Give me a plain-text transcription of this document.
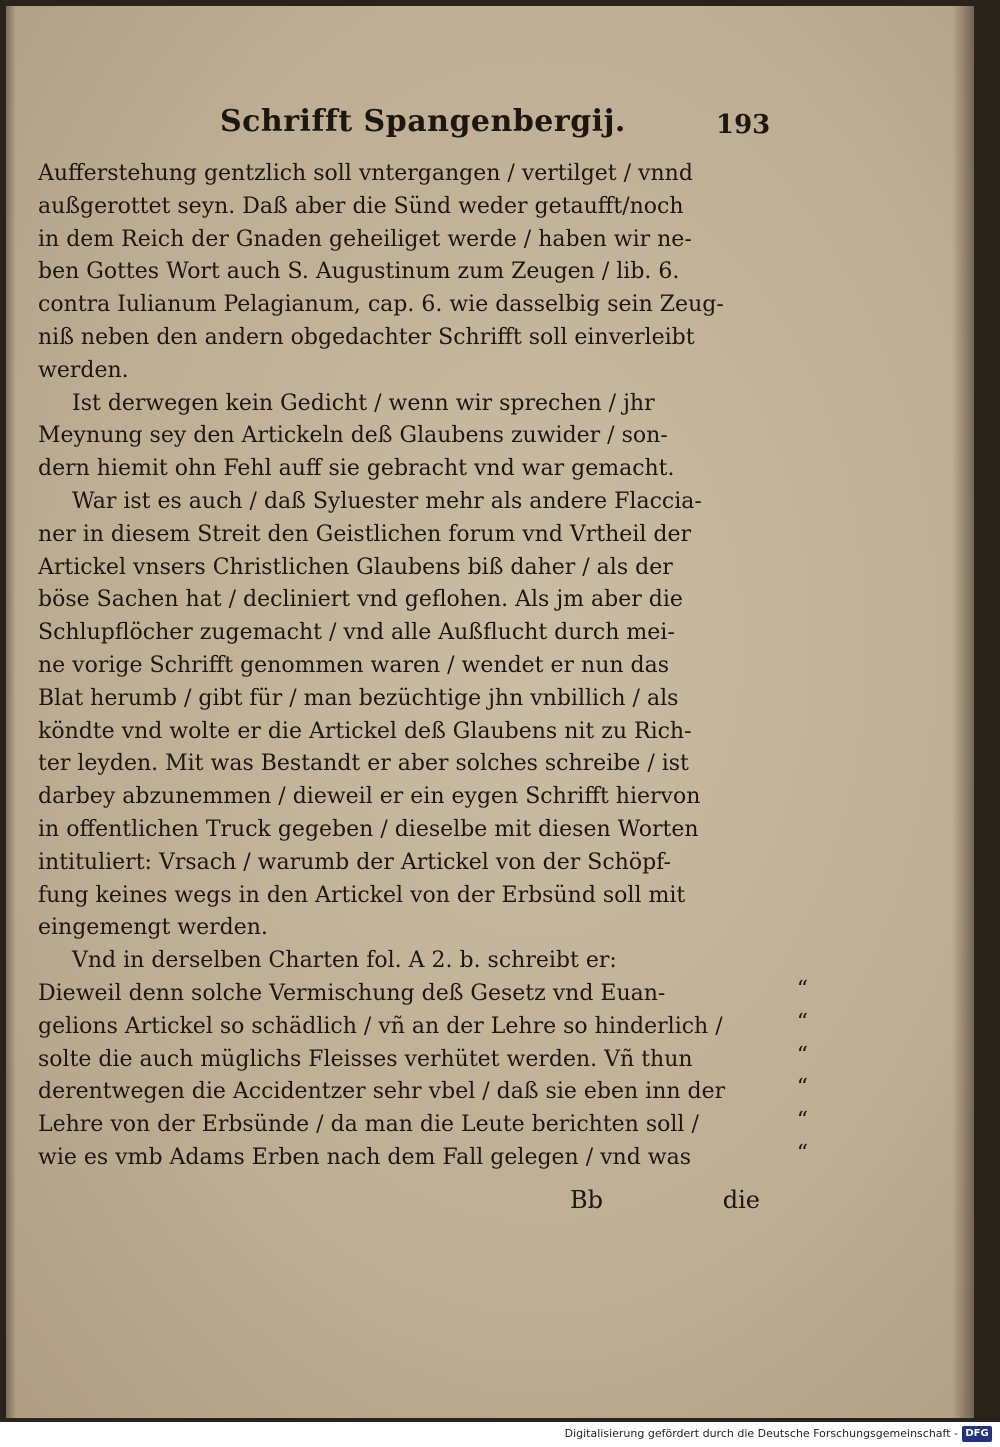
Schrifft Spangenbergij.	193
Aufferstehung gentzlich soll vntergangen / vertilget / vnnd
außgerottet seyn. Daß aber die Sünd weder getaufft/noch
in dem Reich der Gnaden geheiliget werde / haben wir ne-
ben Gottes Wort auch S. Augustinum zum Zeugen / lib. 6.
contra Iulianum Pelagianum, cap. 6. wie dasselbig sein Zeug-
niß neben den andern obgedachter Schrifft soll einverleibt
werden.
Ist derwegen kein Gedicht / wenn wir sprechen / jhr
Meynung sey den Artickeln deß Glaubens zuwider / son-
dern hiemit ohn Fehl auff sie gebracht vnd war gemacht.
War ist es auch / daß Syluester mehr als andere Flaccia-
ner in diesem Streit den Geistlichen forum vnd Vrtheil der
Artickel vnsers Christlichen Glaubens biß daher / als der
böse Sachen hat / decliniert vnd geflohen. Als jm aber die
Schlupflöcher zugemacht / vnd alle Außflucht durch mei-
ne vorige Schrifft genommen waren / wendet er nun das
Blat herumb / gibt für / man bezüchtige jhn vnbillich / als
köndte vnd wolte er die Artickel deß Glaubens nit zu Rich-
ter leyden. Mit was Bestandt er aber solches schreibe / ist
darbey abzunemmen / dieweil er ein eygen Schrifft hiervon
in offentlichen Truck gegeben / dieselbe mit diesen Worten
intituliert: Vrsach / warumb der Artickel von der Schöpf-
fung keines wegs in den Artickel von der Erbsünd soll mit
eingemengt werden.
Vnd in derselben Charten fol. A 2. b. schreibt er:
Dieweil denn solche Vermischung deß Gesetz vnd Euan-	“
gelions Artickel so schädlich / vñ an der Lehre so hinderlich /	“
solte die auch müglichs Fleisses verhütet werden. Vñ thun	“
derentwegen die Accidentzer sehr vbel / daß sie eben inn der	“
Lehre von der Erbsünde / da man die Leute berichten soll /	“
wie es vmb Adams Erben nach dem Fall gelegen / vnd was	“
Bb	die
Digitalisierung gefördert durch die Deutsche Forschungsgemeinschaft - DFG
